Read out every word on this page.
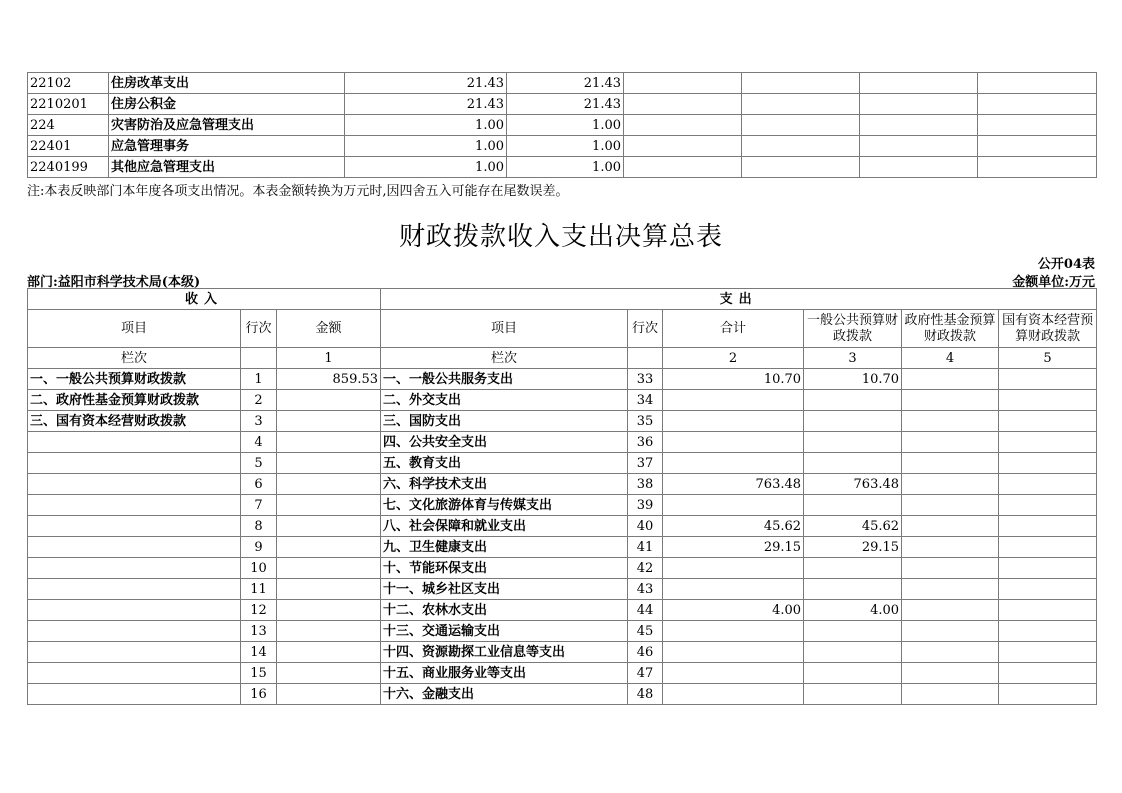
22102	住房改革支出	21.43	21.43				
2210201	住房公积金	21.43	21.43				
224	灾害防治及应急管理支出	1.00	1.00				
22401	应急管理事务	1.00	1.00				
2240199	其他应急管理支出	1.00	1.00				
注:本表反映部门本年度各项支出情况。本表金额转换为万元时,因四舍五入可能存在尾数误差。
财政拨款收入支出决算总表
公开04表
部门:益阳市科学技术局(本级)	金额单位:万元
收入			支出					
项目	行次	金额	项目	行次	合计	一般公共预算财政拨款	政府性基金预算财政拨款	国有资本经营预算财政拨款
栏次		1	栏次		2	3	4	5
一、一般公共预算财政拨款	1	859.53	一、一般公共服务支出	33	10.70	10.70		
二、政府性基金预算财政拨款	2		二、外交支出	34				
三、国有资本经营财政拨款	3		三、国防支出	35				
	4		四、公共安全支出	36				
	5		五、教育支出	37				
	6		六、科学技术支出	38	763.48	763.48		
	7		七、文化旅游体育与传媒支出	39				
	8		八、社会保障和就业支出	40	45.62	45.62		
	9		九、卫生健康支出	41	29.15	29.15		
	10		十、节能环保支出	42				
	11		十一、城乡社区支出	43				
	12		十二、农林水支出	44	4.00	4.00		
	13		十三、交通运输支出	45				
	14		十四、资源勘探工业信息等支出	46				
	15		十五、商业服务业等支出	47				
	16		十六、金融支出	48				
